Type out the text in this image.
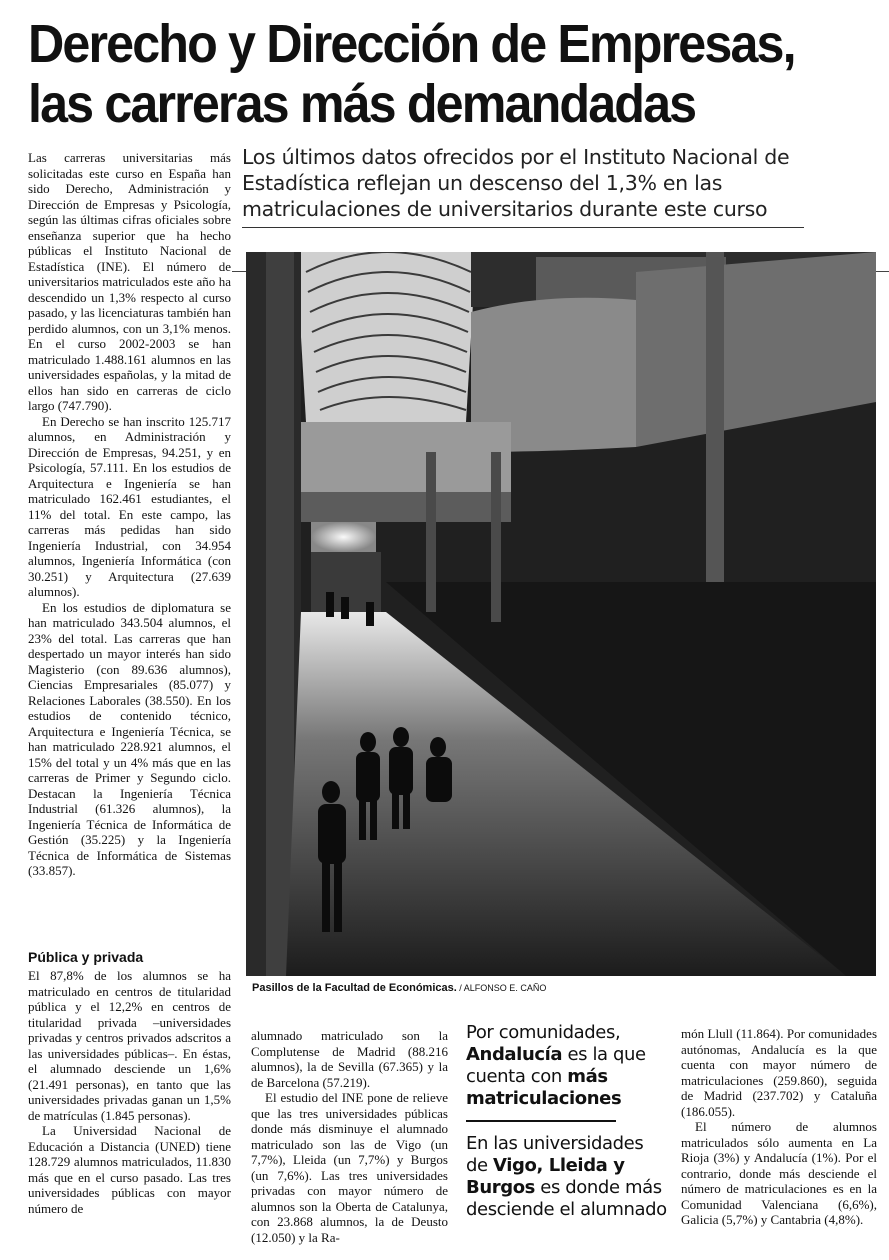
Derecho y Dirección de Empresas,
las carreras más demandadas
Los últimos datos ofrecidos por el Instituto Nacional de Estadística reflejan un descenso del 1,3% en las matriculaciones de universitarios durante este curso

Las carreras universitarias más solicitadas este curso en España han sido Derecho, Administración y Dirección de Empresas y Psicología, según las últimas cifras oficiales sobre enseñanza superior que ha hecho públicas el Instituto Nacional de Estadística (INE). El número de universitarios matriculados este año ha descendido un 1,3% respecto al curso pasado, y las licenciaturas también han perdido alumnos, con un 3,1% menos. En el curso 2002-2003 se han matriculado 1.488.161 alumnos en las universidades españolas, y la mitad de ellos han sido en carreras de ciclo largo (747.790).

En Derecho se han inscrito 125.717 alumnos, en Administración y Dirección de Empresas, 94.251, y en Psicología, 57.111. En los estudios de Arquitectura e Ingeniería se han matriculado 162.461 estudiantes, el 11% del total. En este campo, las carreras más pedidas han sido Ingeniería Industrial, con 34.954 alumnos, Ingeniería Informática (con 30.251) y Arquitectura (27.639 alumnos).

En los estudios de diplomatura se han matriculado 343.504 alumnos, el 23% del total. Las carreras que han despertado un mayor interés han sido Magisterio (con 89.636 alumnos), Ciencias Empresariales (85.077) y Relaciones Laborales (38.550). En los estudios de contenido técnico, Arquitectura e Ingeniería Técnica, se han matriculado 228.921 alumnos, el 15% del total y un 4% más que en las carreras de Primer y Segundo ciclo. Destacan la Ingeniería Técnica Industrial (61.326 alumnos), la Ingeniería Técnica de Informática de Gestión (35.225) y la Ingeniería Técnica de Informática de Sistemas (33.857).

Pública y privada

El 87,8% de los alumnos se ha matriculado en centros de titularidad pública y el 12,2% en centros de titularidad privada –universidades privadas y centros privados adscritos a las universidades públicas–. En éstas, el alumnado desciende un 1,6% (21.491 personas), en tanto que las universidades privadas ganan un 1,5% de matrículas (1.845 personas).

La Universidad Nacional de Educación a Distancia (UNED) tiene 128.729 alumnos matriculados, 11.830 más que en el curso pasado. Las tres universidades públicas con mayor número de

Pasillos de la Facultad de Económicas. / ALFONSO E. CAÑO

alumnado matriculado son la Complutense de Madrid (88.216 alumnos), la de Sevilla (67.365) y la de Barcelona (57.219).

El estudio del INE pone de relieve que las tres universidades públicas donde más disminuye el alumnado matriculado son las de Vigo (un 7,7%), Lleida (un 7,7%) y Burgos (un 7,6%). Las tres universidades privadas con mayor número de alumnos son la Oberta de Catalunya, con 23.868 alumnos, la de Deusto (12.050) y la Ra-

Por comunidades,
Andalucía es la que cuenta con más matriculaciones
En las universidades de Vigo, Lleida y Burgos es donde más desciende el alumnado

món Llull (11.864). Por comunidades autónomas, Andalucía es la que cuenta con mayor número de matriculaciones (259.860), seguida de Madrid (237.702) y Cataluña (186.055).

El número de alumnos matriculados sólo aumenta en La Rioja (3%) y Andalucía (1%). Por el contrario, donde más desciende el número de matriculaciones es en la Comunidad Valenciana (6,6%), Galicia (5,7%) y Cantabria (4,8%).
